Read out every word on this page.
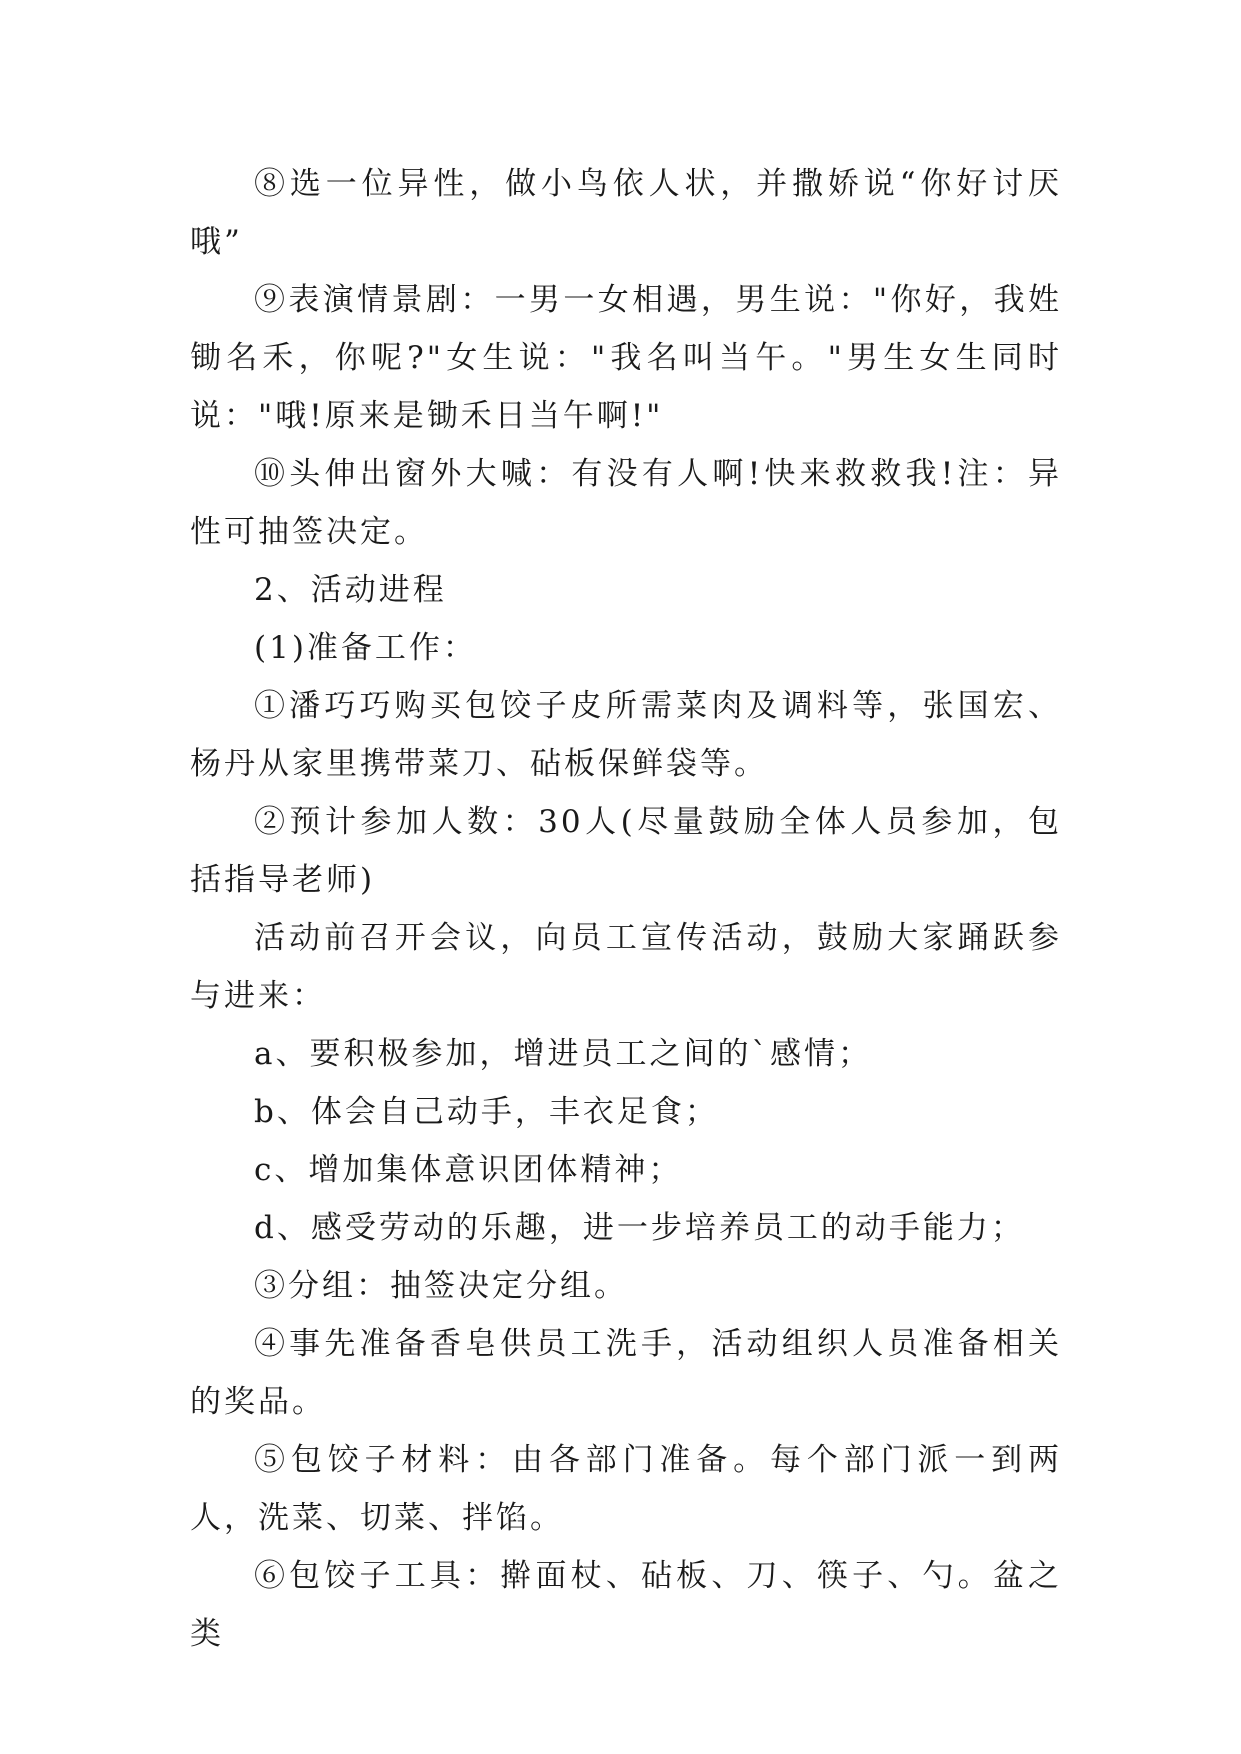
⑧选一位异性，做小鸟依人状，并撒娇说“你好讨厌哦”

⑨表演情景剧：一男一女相遇，男生说："你好，我姓锄名禾，你呢?"女生说："我名叫当午。"男生女生同时说："哦!原来是锄禾日当午啊!"

⑩头伸出窗外大喊：有没有人啊!快来救救我!注：异性可抽签决定。

2、活动进程

(1)准备工作：

①潘巧巧购买包饺子皮所需菜肉及调料等，张国宏、杨丹从家里携带菜刀、砧板保鲜袋等。

②预计参加人数：30人(尽量鼓励全体人员参加，包括指导老师)

活动前召开会议，向员工宣传活动，鼓励大家踊跃参与进来：

a、要积极参加，增进员工之间的`感情；

b、体会自己动手，丰衣足食；

c、增加集体意识团体精神；

d、感受劳动的乐趣，进一步培养员工的动手能力；

③分组：抽签决定分组。

④事先准备香皂供员工洗手，活动组织人员准备相关的奖品。

⑤包饺子材料：由各部门准备。每个部门派一到两人，洗菜、切菜、拌馅。

⑥包饺子工具：擀面杖、砧板、刀、筷子、勺。盆之类
